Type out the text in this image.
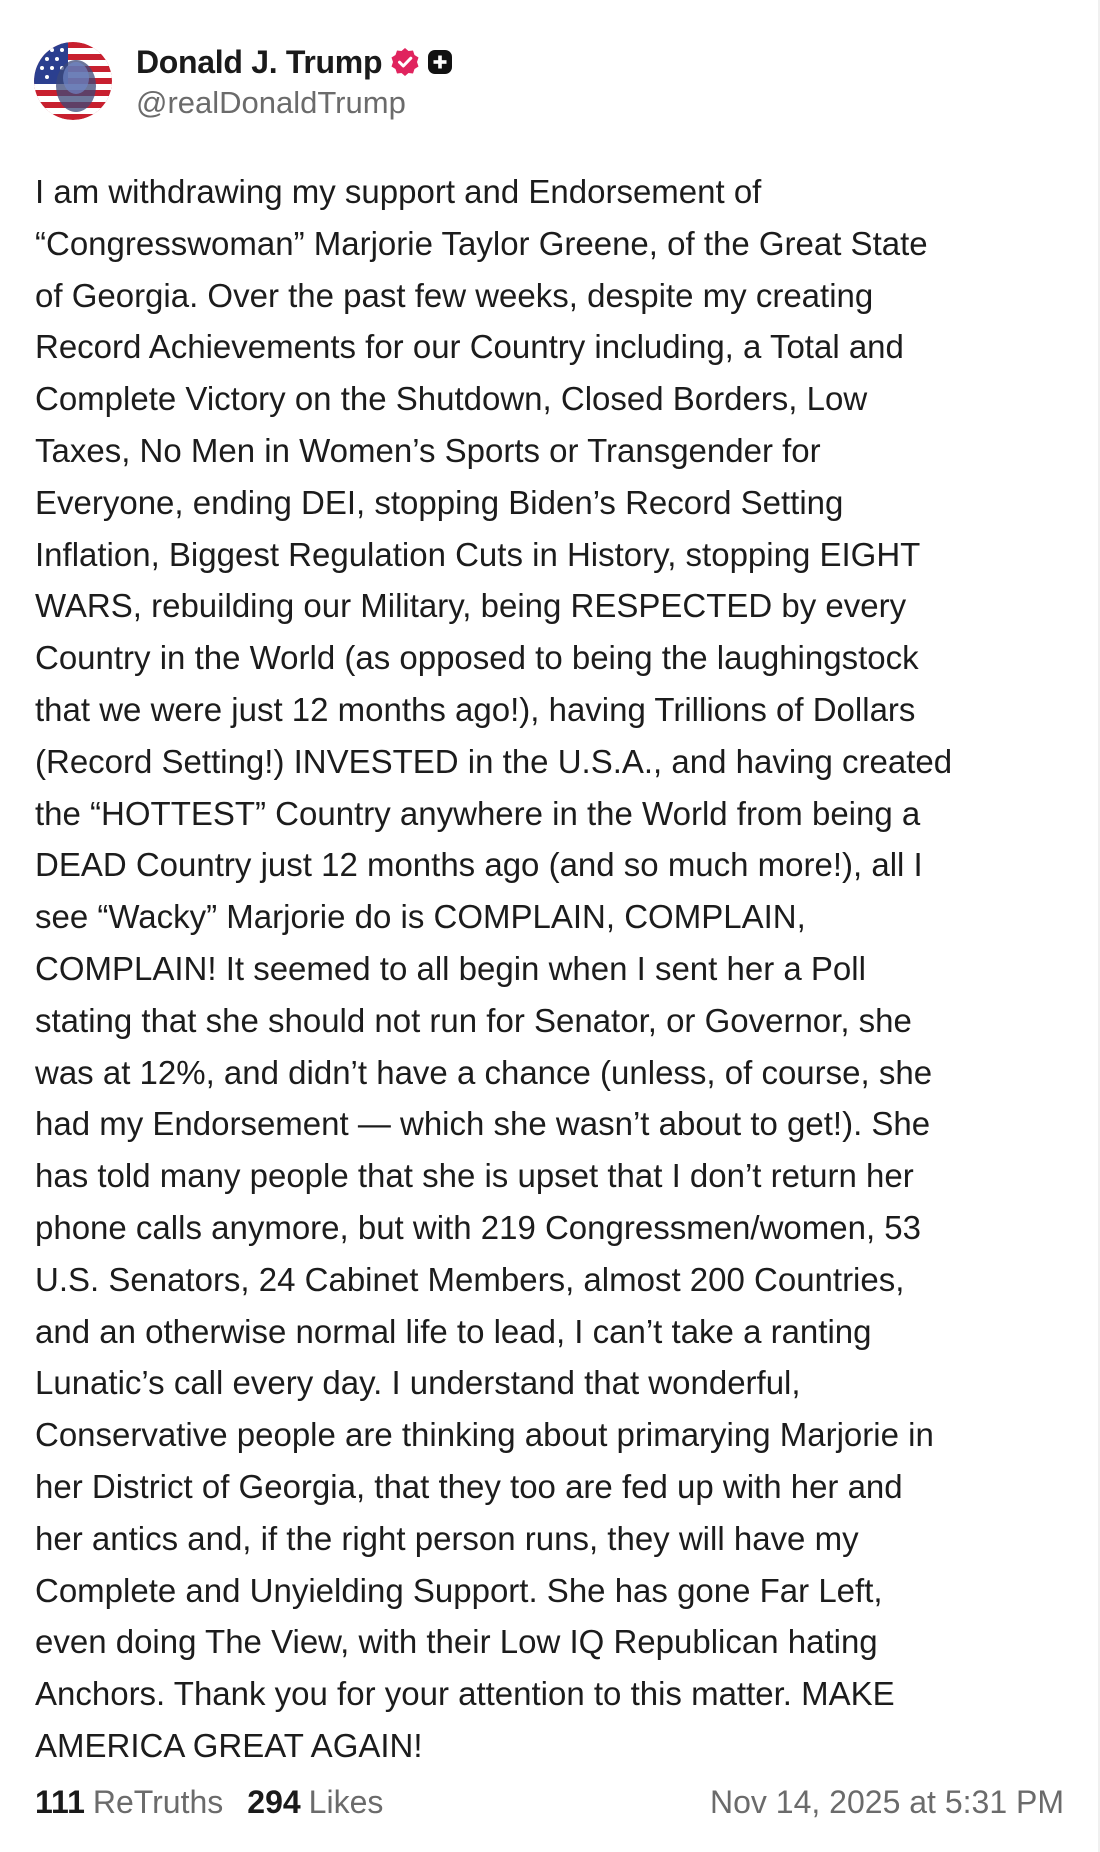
Donald J. Trump
@realDonaldTrump
I am withdrawing my support and Endorsement of
“Congresswoman” Marjorie Taylor Greene, of the Great State
of Georgia. Over the past few weeks, despite my creating
Record Achievements for our Country including, a Total and
Complete Victory on the Shutdown, Closed Borders, Low
Taxes, No Men in Women’s Sports or Transgender for
Everyone, ending DEI, stopping Biden’s Record Setting
Inflation, Biggest Regulation Cuts in History, stopping EIGHT
WARS, rebuilding our Military, being RESPECTED by every
Country in the World (as opposed to being the laughingstock
that we were just 12 months ago!), having Trillions of Dollars
(Record Setting!) INVESTED in the U.S.A., and having created
the “HOTTEST” Country anywhere in the World from being a
DEAD Country just 12 months ago (and so much more!), all I
see “Wacky” Marjorie do is COMPLAIN, COMPLAIN,
COMPLAIN! It seemed to all begin when I sent her a Poll
stating that she should not run for Senator, or Governor, she
was at 12%, and didn’t have a chance (unless, of course, she
had my Endorsement — which she wasn’t about to get!). She
has told many people that she is upset that I don’t return her
phone calls anymore, but with 219 Congressmen/women, 53
U.S. Senators, 24 Cabinet Members, almost 200 Countries,
and an otherwise normal life to lead, I can’t take a ranting
Lunatic’s call every day. I understand that wonderful,
Conservative people are thinking about primarying Marjorie in
her District of Georgia, that they too are fed up with her and
her antics and, if the right person runs, they will have my
Complete and Unyielding Support. She has gone Far Left,
even doing The View, with their Low IQ Republican hating
Anchors. Thank you for your attention to this matter. MAKE
AMERICA GREAT AGAIN!
111 ReTruths 294 Likes	Nov 14, 2025 at 5:31 PM
